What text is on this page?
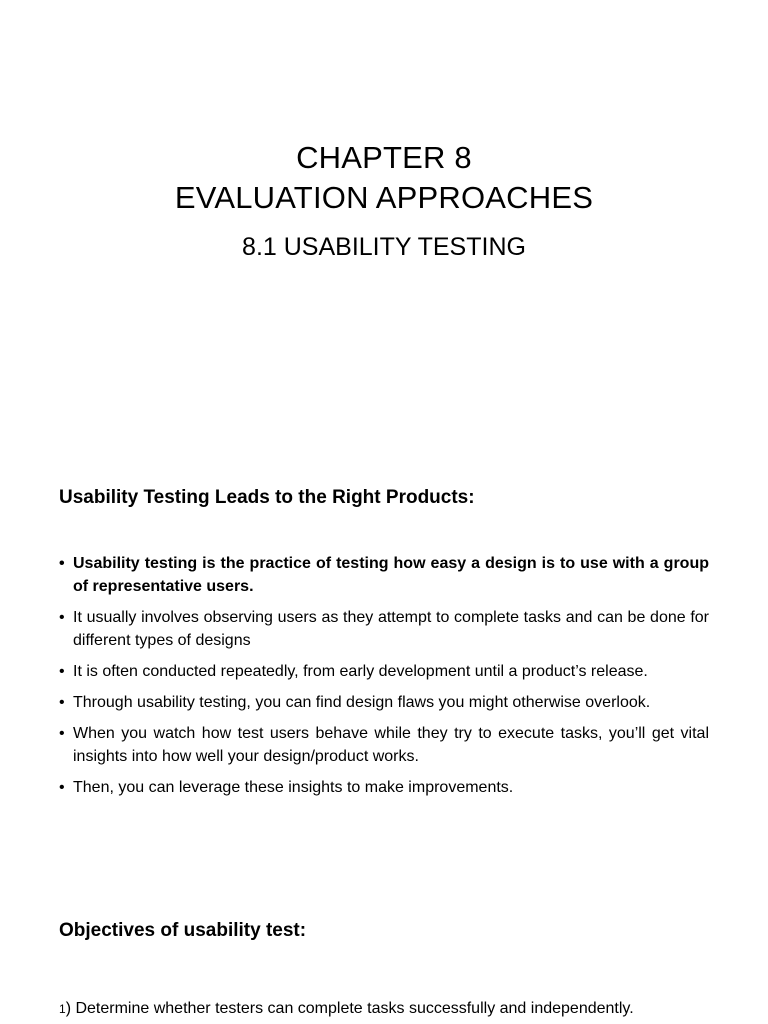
CHAPTER 8
EVALUATION APPROACHES
8.1 USABILITY TESTING
Usability Testing Leads to the Right Products:
• Usability testing is the practice of testing how easy a design is to use with a group of representative users.
• It usually involves observing users as they attempt to complete tasks and can be done for different types of designs
• It is often conducted repeatedly, from early development until a product’s release.
• Through usability testing, you can find design flaws you might otherwise overlook.
• When you watch how test users behave while they try to execute tasks, you’ll get vital insights into how well your design/product works.
• Then, you can leverage these insights to make improvements.
Objectives of usability test:
1) Determine whether testers can complete tasks successfully and independently.
